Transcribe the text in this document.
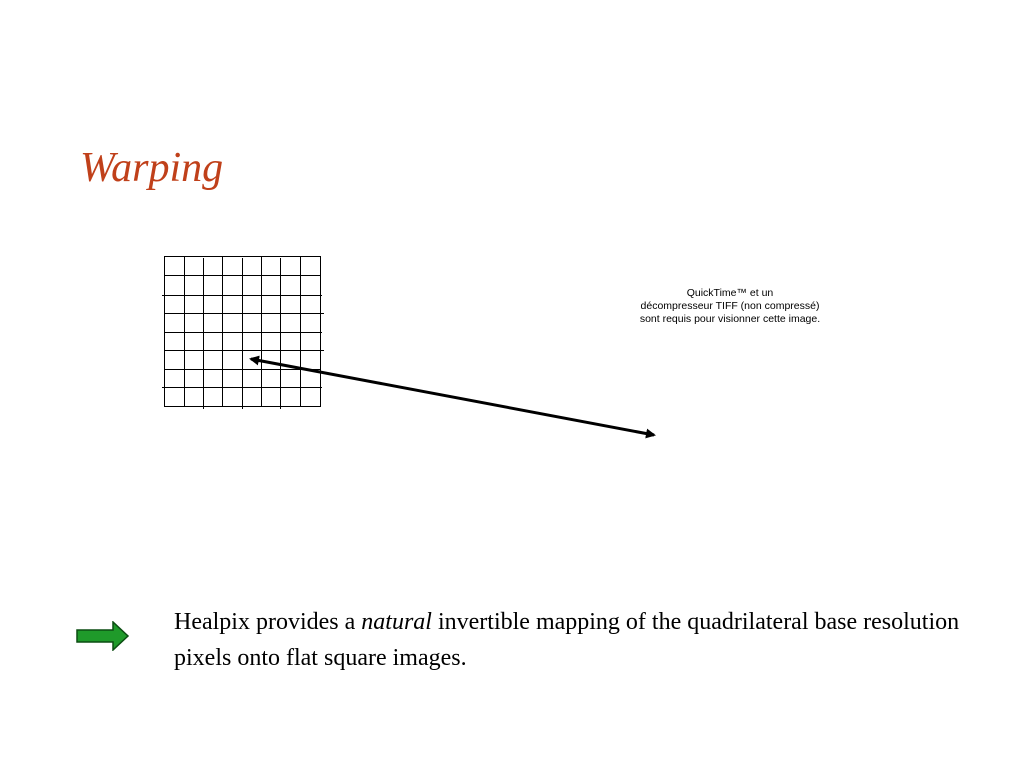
Warping
QuickTime™ et un
décompresseur TIFF (non compressé)
sont requis pour visionner cette image.

Healpix provides a natural invertible mapping of the quadrilateral base resolution pixels onto flat square images.
